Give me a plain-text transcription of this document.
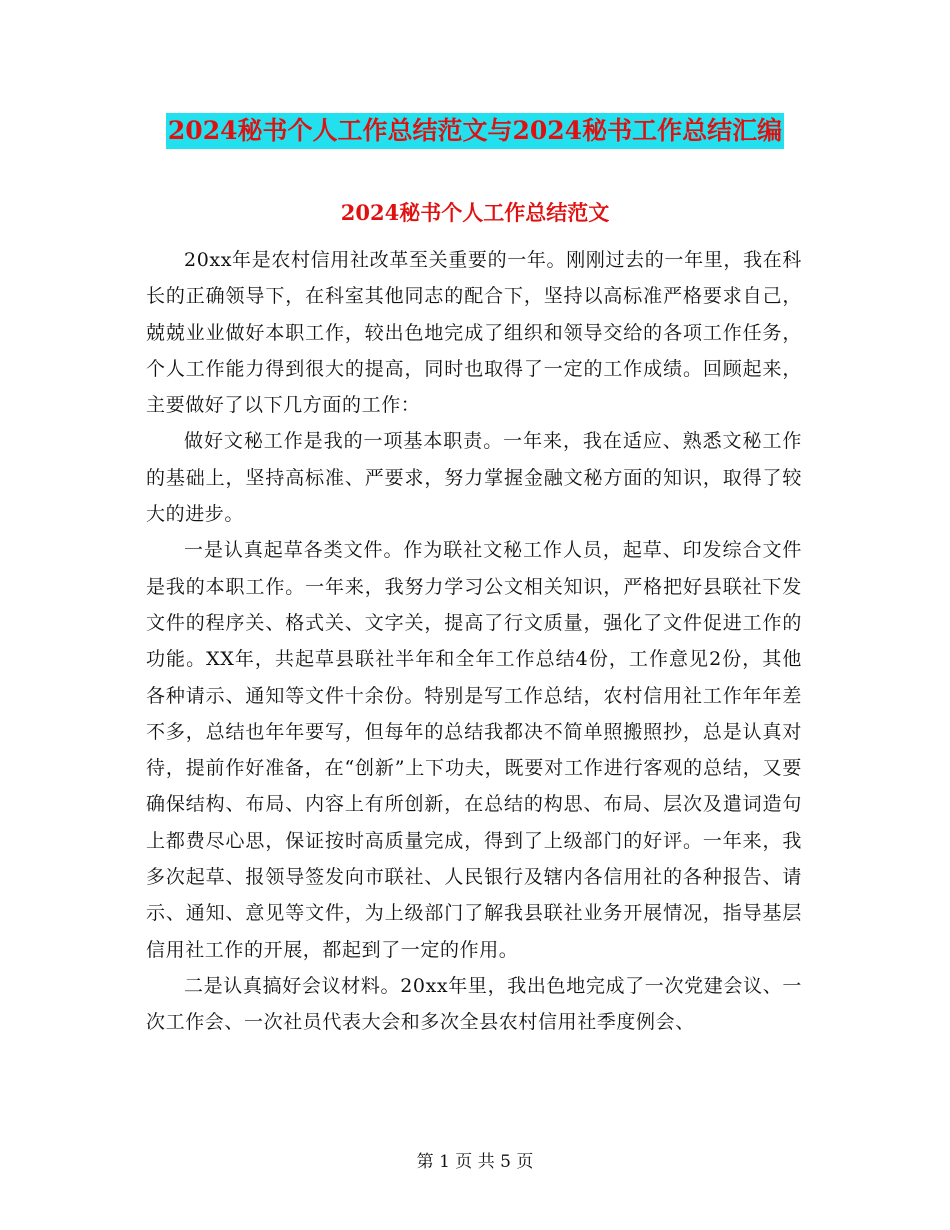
2024秘书个人工作总结范文与2024秘书工作总结汇编
2024秘书个人工作总结范文

20xx年是农村信用社改革至关重要的一年。刚刚过去的一年里，我在科长的正确领导下，在科室其他同志的配合下，坚持以高标准严格要求自己，兢兢业业做好本职工作，较出色地完成了组织和领导交给的各项工作任务，个人工作能力得到很大的提高，同时也取得了一定的工作成绩。回顾起来，主要做好了以下几方面的工作：

做好文秘工作是我的一项基本职责。一年来，我在适应、熟悉文秘工作的基础上，坚持高标准、严要求，努力掌握金融文秘方面的知识，取得了较大的进步。

一是认真起草各类文件。作为联社文秘工作人员，起草、印发综合文件是我的本职工作。一年来，我努力学习公文相关知识，严格把好县联社下发文件的程序关、格式关、文字关，提高了行文质量，强化了文件促进工作的功能。XX年，共起草县联社半年和全年工作总结4份，工作意见2份，其他各种请示、通知等文件十余份。特别是写工作总结，农村信用社工作年年差不多，总结也年年要写，但每年的总结我都决不简单照搬照抄，总是认真对待，提前作好准备，在“创新”上下功夫，既要对工作进行客观的总结，又要确保结构、布局、内容上有所创新，在总结的构思、布局、层次及遣词造句上都费尽心思，保证按时高质量完成，得到了上级部门的好评。一年来，我多次起草、报领导签发向市联社、人民银行及辖内各信用社的各种报告、请示、通知、意见等文件，为上级部门了解我县联社业务开展情况，指导基层信用社工作的开展，都起到了一定的作用。

二是认真搞好会议材料。20xx年里，我出色地完成了一次党建会议、一次工作会、一次社员代表大会和多次全县农村信用社季度例会、

第 1 页 共 5 页
